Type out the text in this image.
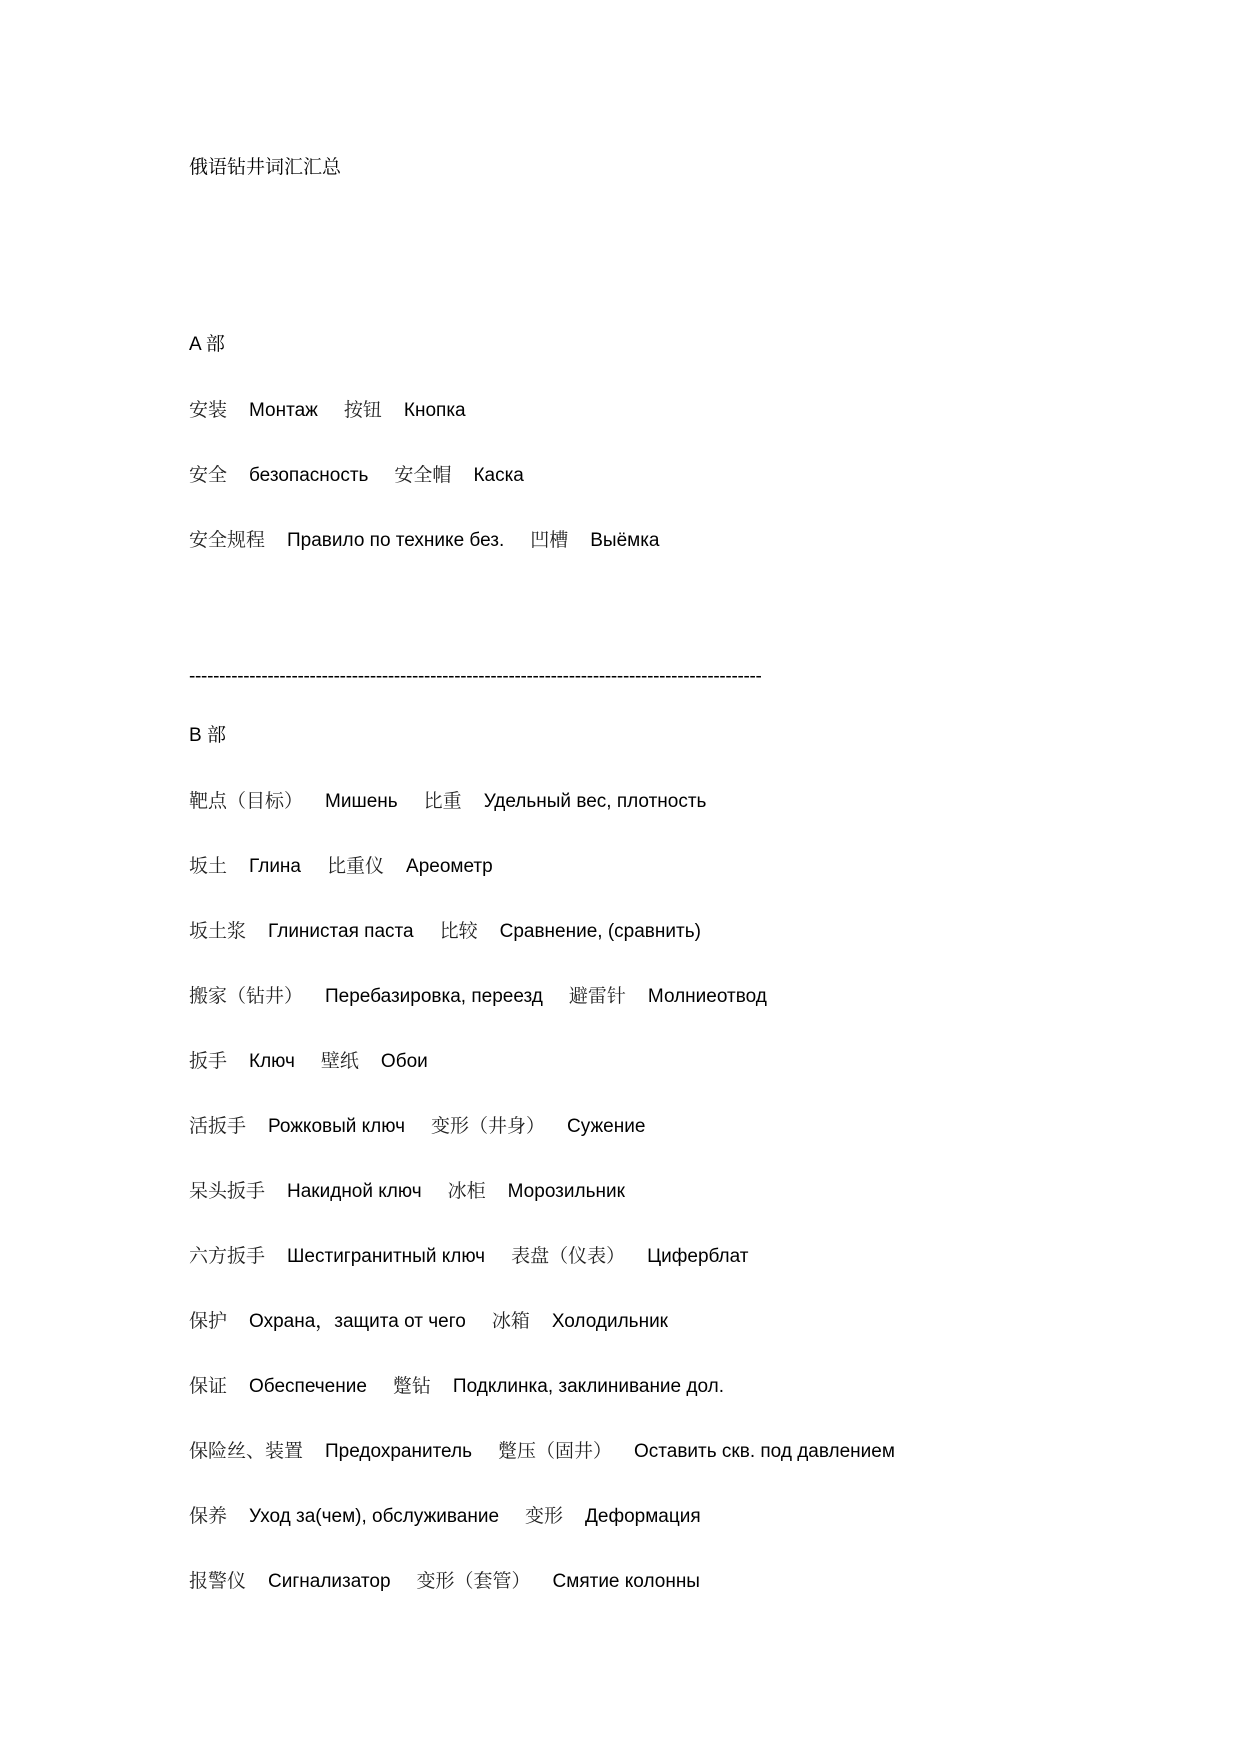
俄语钻井词汇汇总
A 部
安装 Монтаж 按钮 Кнопка
安全 безопасность 安全帽 Каска
安全规程 Правило по технике без. 凹槽 Выёмка
-----------------------------------------------------------------------------------------------
B 部
靶点（目标） Мишень 比重 Удельный вес, плотность
坂土 Глина 比重仪 Ареометр
坂土浆 Глинистая паста 比较 Сравнение, (сравнить)
搬家（钻井） Перебазировка, переезд 避雷针 Молниеотвод
扳手 Ключ 壁纸 Обои
活扳手 Рожковый ключ 变形（井身） Сужение
呆头扳手 Накидной ключ 冰柜 Морозильник
六方扳手 Шестигранитный ключ 表盘（仪表） Циферблат
保护 Охрана，защита от чего 冰箱 Холодильник
保证 Обеспечение 蹩钻 Подклинка, заклинивание дол.
保险丝、装置 Предохранитель 蹩压（固井） Оставить скв. под давлением
保养 Уход за(чем), обслуживание 变形 Деформация
报警仪 Сигнализатор 变形（套管） Смятие колонны
